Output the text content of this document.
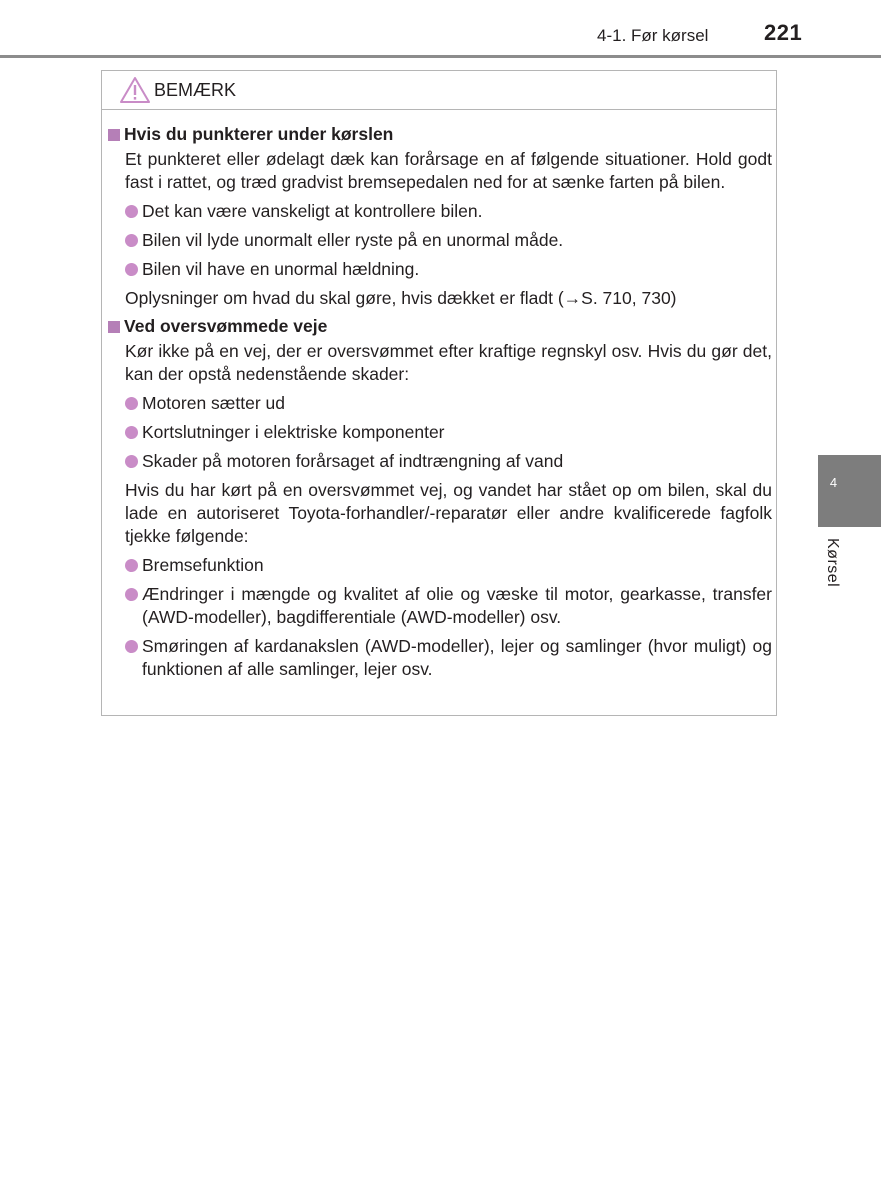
4-1. Før kørsel	221
4
Kørsel
BEMÆRK
Hvis du punkterer under kørslen
Et punkteret eller ødelagt dæk kan forårsage en af følgende situationer. Hold godt fast i rattet, og træd gradvist bremsepedalen ned for at sænke farten på bilen.
Det kan være vanskeligt at kontrollere bilen.
Bilen vil lyde unormalt eller ryste på en unormal måde.
Bilen vil have en unormal hældning.
Oplysninger om hvad du skal gøre, hvis dækket er fladt (→S. 710, 730)
Ved oversvømmede veje
Kør ikke på en vej, der er oversvømmet efter kraftige regnskyl osv. Hvis du gør det, kan der opstå nedenstående skader:
Motoren sætter ud
Kortslutninger i elektriske komponenter
Skader på motoren forårsaget af indtrængning af vand
Hvis du har kørt på en oversvømmet vej, og vandet har stået op om bilen, skal du lade en autoriseret Toyota-forhandler/-reparatør eller andre kvalificerede fagfolk tjekke følgende:
Bremsefunktion
Ændringer i mængde og kvalitet af olie og væske til motor, gearkasse, transfer (AWD-modeller), bagdifferentiale (AWD-modeller) osv.
Smøringen af kardanakslen (AWD-modeller), lejer og samlinger (hvor muligt) og funktionen af alle samlinger, lejer osv.
